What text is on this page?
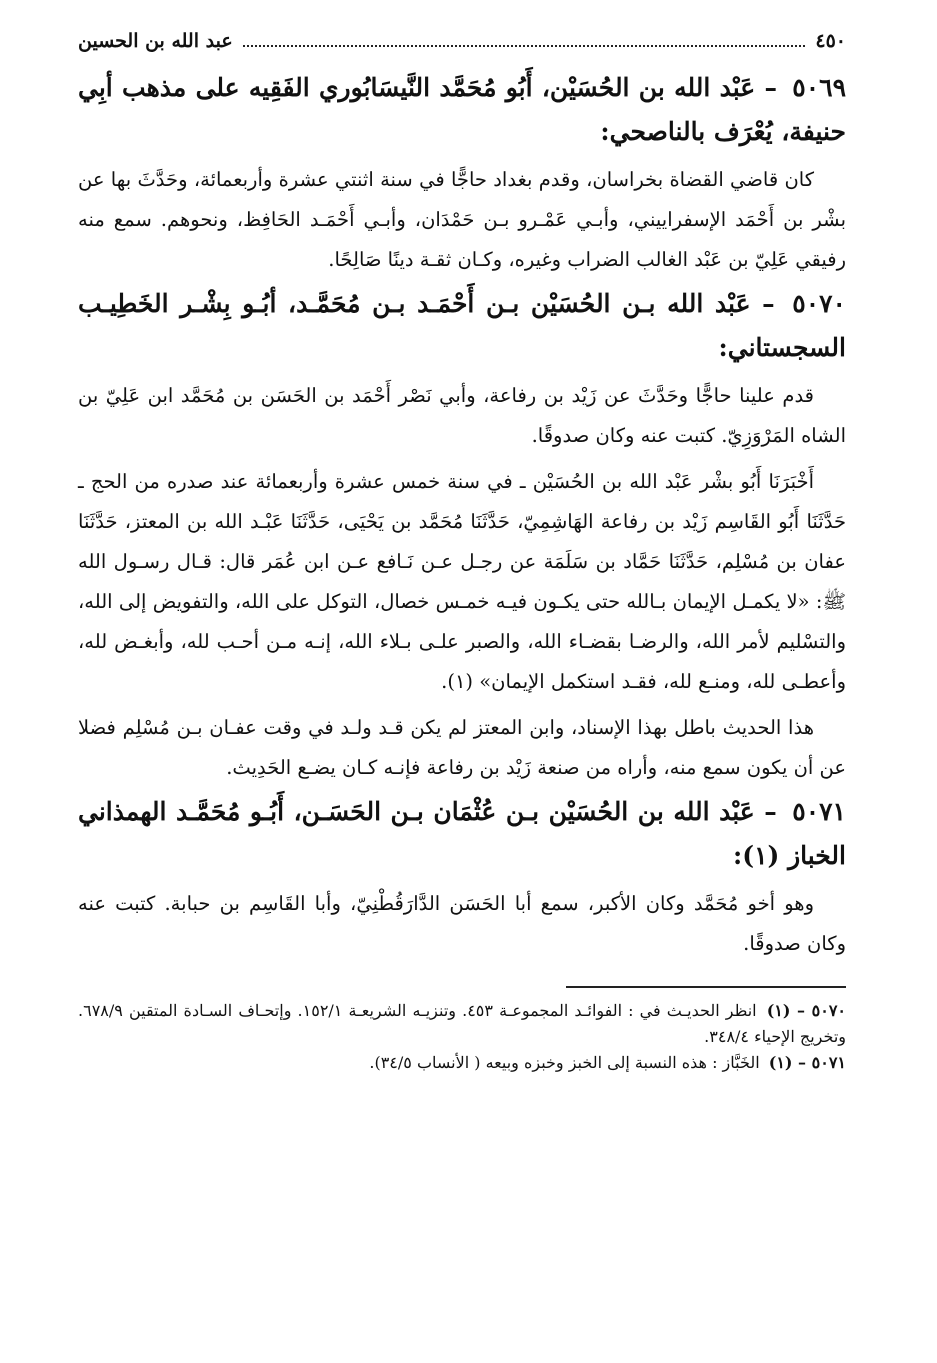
٤٥٠
عبد الله بن الحسين
٥٠٦٩ – عَبْد الله بن الحُسَيْن، أَبُو مُحَمَّد النَّيسَابُوري الفَقِيه على مذهب أبِي حنيفة، يُعْرَف بالناصحي:

كان قاضي القضاة بخراسان، وقدم بغداد حاجًّا في سنة اثنتي عشرة وأربعمائة، وحَدَّثَ بها عن بشْر بن أَحْمَد الإسفراييني، وأبـي عَمْـرو بـن حَمْدَان، وأبـي أَحْمَـد الحَافِظ، ونحوهم. سمع منه رفيقي عَلِيّ بن عَبْد الغالب الضراب وغيره، وكـان ثقـة دينًا صَالِحًا.

٥٠٧٠ – عَبْد الله بـن الحُسَيْن بـن أَحْمَـد بـن مُحَمَّـد، أبُـو بِشْـر الخَطِيـب السجستاني:

قدم علينا حاجًّا وحَدَّثَ عن زَيْد بن رفاعة، وأبي نَصْر أَحْمَد بن الحَسَن بن مُحَمَّد ابن عَلِيّ بن الشاه المَرْوَزِيّ. كتبت عنه وكان صدوقًا.

أَخْبَرَنَا أَبُو بشْر عَبْد الله بن الحُسَيْن ـ في سنة خمس عشرة وأربعمائة عند صدره من الحج ـ حَدَّثَنَا أَبُو القَاسِم زَيْد بن رفاعة الهَاشِمِيّ، حَدَّثَنَا مُحَمَّد بن يَحْيَى، حَدَّثَنَا عَبْـد الله بن المعتز، حَدَّثَنَا عفان بن مُسْلِم، حَدَّثَنَا حَمَّاد بن سَلَمَة عن رجـل عـن نَـافع عـن ابن عُمَر قال: قـال رسـول الله ﷺ: «لا يكمـل الإيمان بـالله حتى يكـون فيـه خمـس خصال، التوكل على الله، والتفويض إلى الله، والتسْليم لأمر الله، والرضـا بقضـاء الله، والصبر علـى بـلاء الله، إنـه مـن أحـب لله، وأبغـض لله، وأعطـى لله، ومنـع لله، فقـد استكمل الإيمان» (١).

هذا الحديث باطل بهذا الإسناد، وابن المعتز لم يكن قـد ولـد في وقت عفـان بـن مُسْلِم فضلا عن أن يكون سمع منه، وأراه من صنعة زَيْد بن رفاعة فإنـه كـان يضـع الحَدِيث.

٥٠٧١ – عَبْد الله بن الحُسَيْن بـن عُثْمَان بـن الحَسَـن، أَبُـو مُحَمَّـد الهمذاني الخباز (١):

وهو أخو مُحَمَّد وكان الأكبر، سمع أبا الحَسَن الدَّارَقُطْنِيّ، وأبا القَاسِم بن حبابة. كتبت عنه وكان صدوقًا.

٥٠٧٠ – (١) انظر الحديـث في : الفوائـد المجموعـة ٤٥٣. وتنزيـه الشريعـة ١٥٢/١. وإتحـاف السـادة المتقين ٦٧٨/٩. وتخريج الإحياء ٣٤٨/٤.

٥٠٧١ – (١) الخَبَّاز : هذه النسبة إلى الخبز وخبزه وبيعه ( الأنساب ٣٤/٥).
